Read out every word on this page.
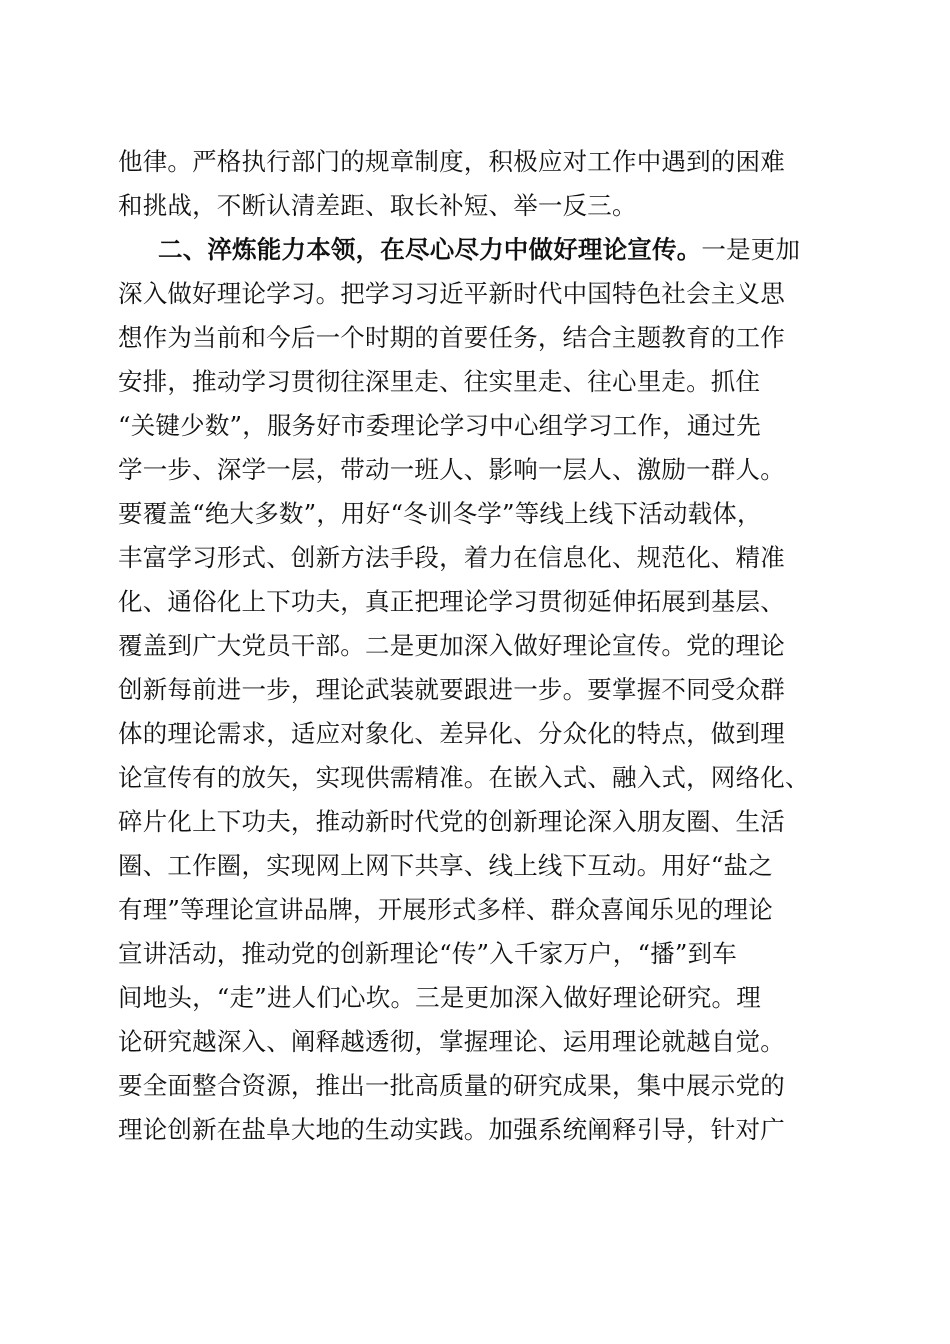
他律。严格执行部门的规章制度，积极应对工作中遇到的困难
和挑战，不断认清差距、取长补短、举一反三。
二、淬炼能力本领，在尽心尽力中做好理论宣传。一是更加
深入做好理论学习。把学习习近平新时代中国特色社会主义思
想作为当前和今后一个时期的首要任务，结合主题教育的工作
安排，推动学习贯彻往深里走、往实里走、往心里走。抓住
“关键少数”，服务好市委理论学习中心组学习工作，通过先
学一步、深学一层，带动一班人、影响一层人、激励一群人。
要覆盖“绝大多数”，用好“冬训冬学”等线上线下活动载体，
丰富学习形式、创新方法手段，着力在信息化、规范化、精准
化、通俗化上下功夫，真正把理论学习贯彻延伸拓展到基层、
覆盖到广大党员干部。二是更加深入做好理论宣传。党的理论
创新每前进一步，理论武装就要跟进一步。要掌握不同受众群
体的理论需求，适应对象化、差异化、分众化的特点，做到理
论宣传有的放矢，实现供需精准。在嵌入式、融入式，网络化、
碎片化上下功夫，推动新时代党的创新理论深入朋友圈、生活
圈、工作圈，实现网上网下共享、线上线下互动。用好“盐之
有理”等理论宣讲品牌，开展形式多样、群众喜闻乐见的理论
宣讲活动，推动党的创新理论“传”入千家万户，“播”到车
间地头，“走”进人们心坎。三是更加深入做好理论研究。理
论研究越深入、阐释越透彻，掌握理论、运用理论就越自觉。
要全面整合资源，推出一批高质量的研究成果，集中展示党的
理论创新在盐阜大地的生动实践。加强系统阐释引导，针对广
